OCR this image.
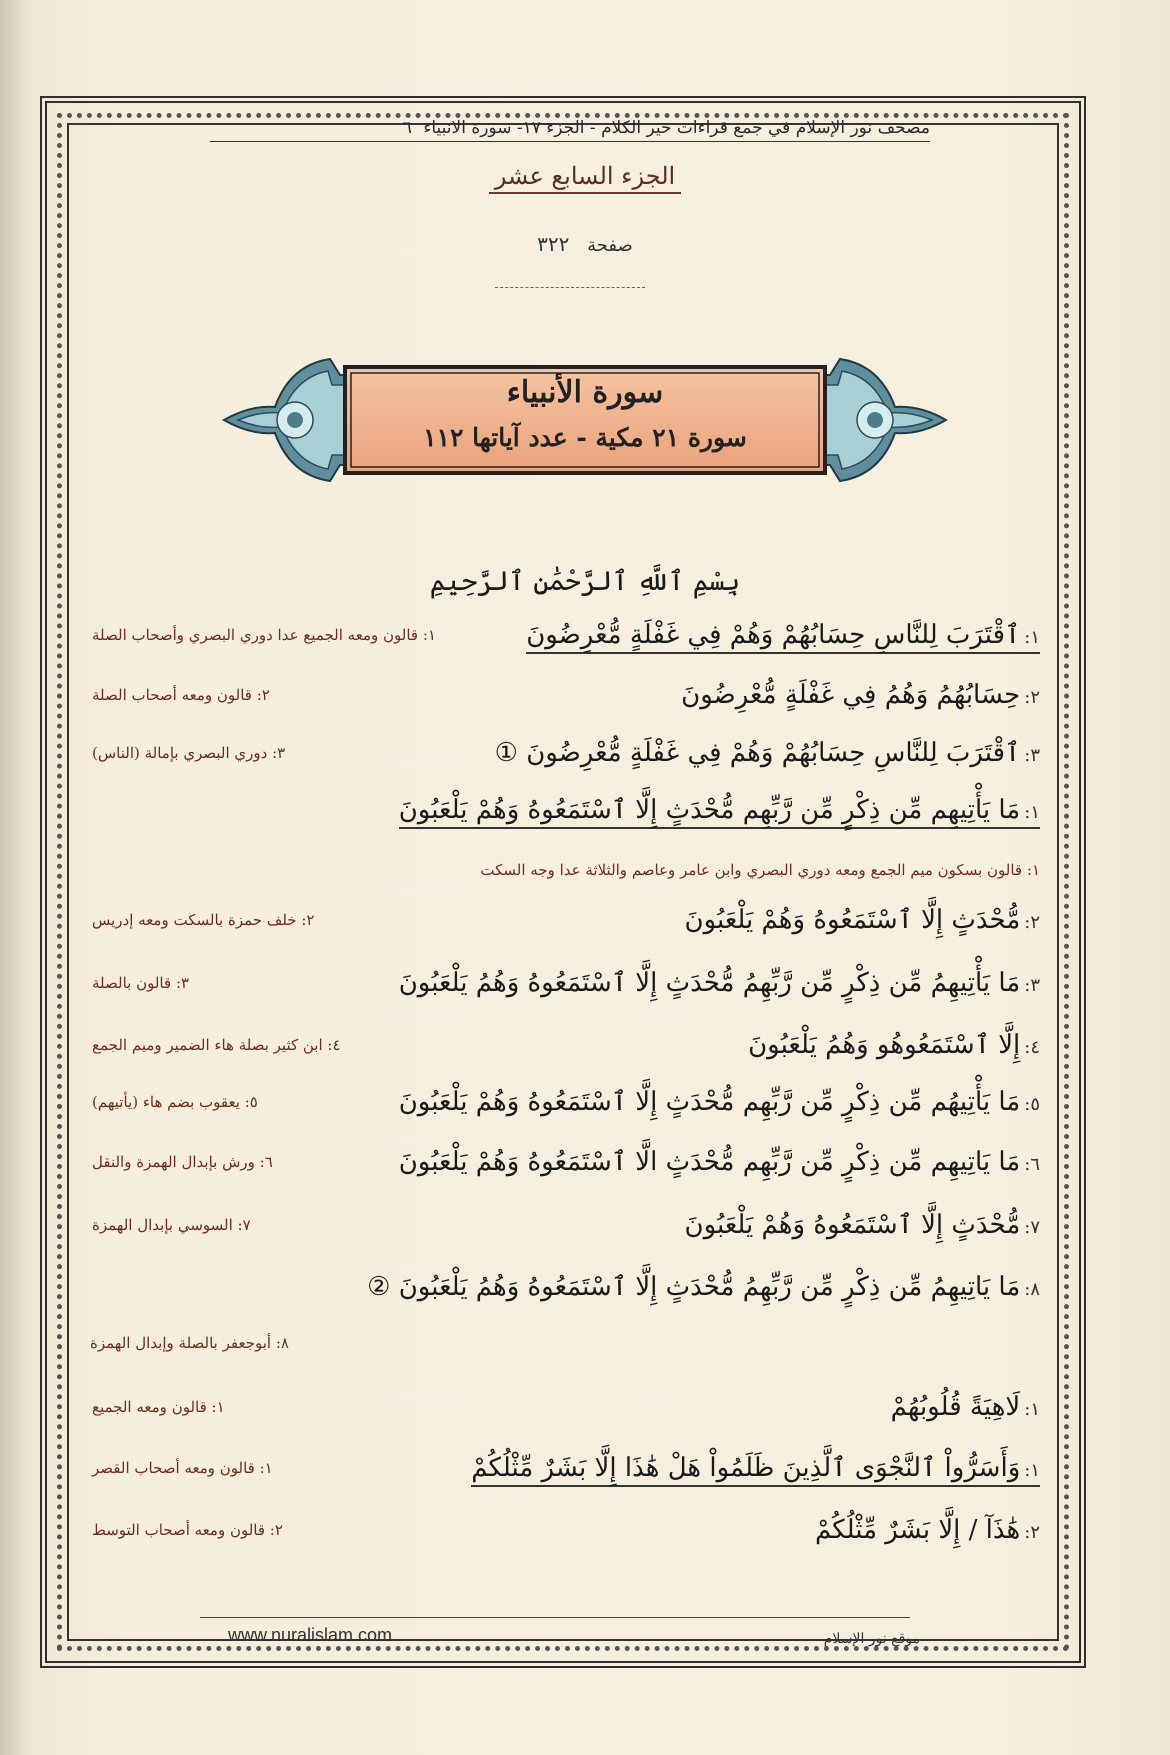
مصحف نور الإسلام في جمع قراءات خير الكلام - الجزء ١٧- سورة الانبياء ٦
الجزء السابع عشر
صفحة ٣٢٢
سورة الأنبياء
سورة ٢١ مكية - عدد آياتها ١١٢
بِسْمِ ٱللَّهِ ٱلرَّحْمَٰنِ ٱلرَّحِيمِ
١:ٱقْتَرَبَ لِلنَّاسِ حِسَابُهُمْ وَهُمْ فِي غَفْلَةٍ مُّعْرِضُونَ
١: قالون ومعه الجميع عدا دوري البصري وأصحاب الصلة
٢:حِسَابُهُمُ وَهُمُ فِي غَفْلَةٍ مُّعْرِضُونَ
٢: قالون ومعه أصحاب الصلة
٣:ٱقْتَرَبَ لِلنَّاسِ حِسَابُهُمْ وَهُمْ فِي غَفْلَةٍ مُّعْرِضُونَ ①
٣: دوري البصري بإمالة (الناس)
١:مَا يَأْتِيهِم مِّن ذِكْرٍ مِّن رَّبِّهِم مُّحْدَثٍ إِلَّا ٱسْتَمَعُوهُ وَهُمْ يَلْعَبُونَ
١: قالون بسكون ميم الجمع ومعه دوري البصري وابن عامر وعاصم والثلاثة عدا وجه السكت
٢:مُّحْدَثٍ إِلَّا ٱسْتَمَعُوهُ وَهُمْ يَلْعَبُونَ
٢: خلف حمزة بالسكت ومعه إدريس
٣:مَا يَأْتِيهِمُ مِّن ذِكْرٍ مِّن رَّبِّهِمُ مُّحْدَثٍ إِلَّا ٱسْتَمَعُوهُ وَهُمُ يَلْعَبُونَ
٣: قالون بالصلة
٤:إِلَّا ٱسْتَمَعُوهُو وَهُمُ يَلْعَبُونَ
٤: ابن كثير بصلة هاء الضمير وميم الجمع
٥:مَا يَأْتِيهُم مِّن ذِكْرٍ مِّن رَّبِّهِم مُّحْدَثٍ إِلَّا ٱسْتَمَعُوهُ وَهُمْ يَلْعَبُونَ
٥: يعقوب بضم هاء (يأتيهم)
٦:مَا يَاتِيهِم مِّن ذِكْرٍ مِّن رَّبِّهِم مُّحْدَثٍ الَّا ٱسْتَمَعُوهُ وَهُمْ يَلْعَبُونَ
٦: ورش بإبدال الهمزة والنقل
٧:مُّحْدَثٍ إِلَّا ٱسْتَمَعُوهُ وَهُمْ يَلْعَبُونَ
٧: السوسي بإبدال الهمزة
٨:مَا يَاتِيهِمُ مِّن ذِكْرٍ مِّن رَّبِّهِمُ مُّحْدَثٍ إِلَّا ٱسْتَمَعُوهُ وَهُمُ يَلْعَبُونَ ②
٨: أبوجعفر بالصلة وإبدال الهمزة
١:لَاهِيَةً قُلُوبُهُمْ
١: قالون ومعه الجميع
١:وَأَسَرُّواْ ٱلنَّجْوَى ٱلَّذِينَ ظَلَمُواْ هَلْ هَٰذَا إِلَّا بَشَرٌ مِّثْلُكُمْ
١: قالون ومعه أصحاب القصر
٢:هَٰذَآ / إِلَّا بَشَرٌ مِّثْلُكُمْ
٢: قالون ومعه أصحاب التوسط
www.nuralislam.com	موقع نور الإسلام
